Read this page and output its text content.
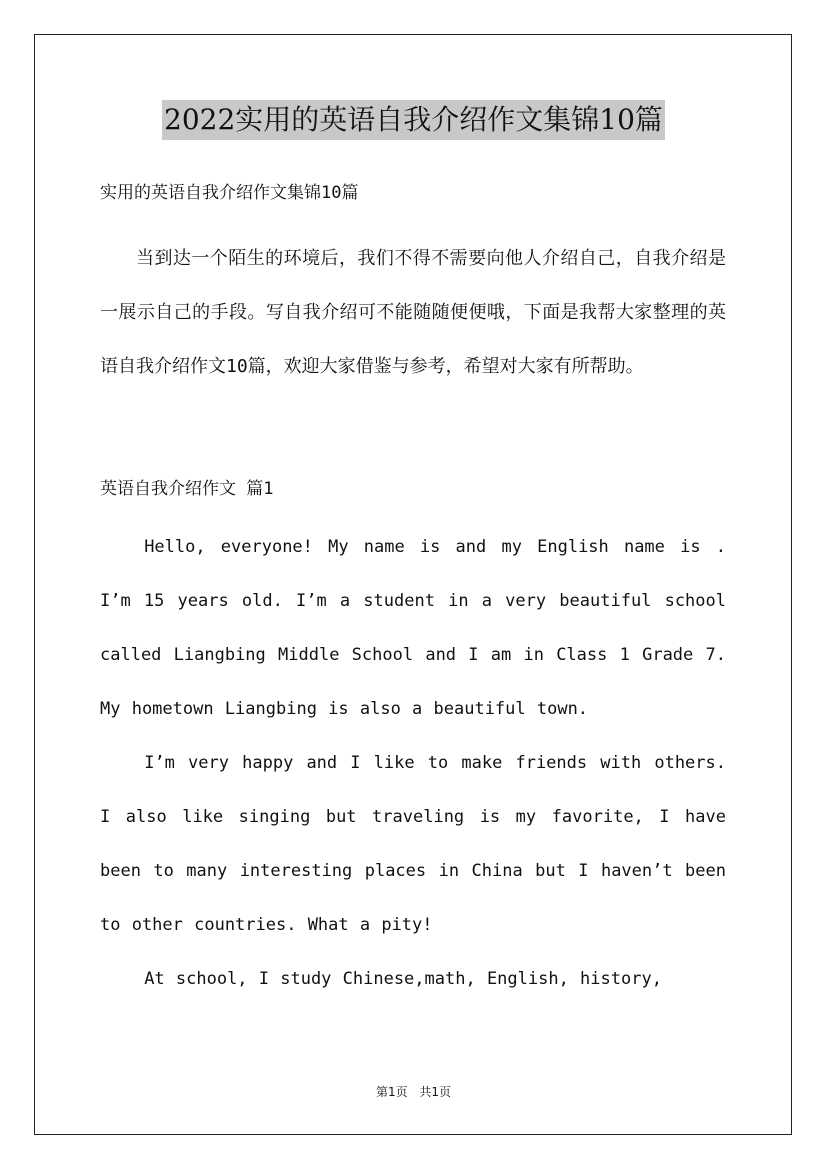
2022实用的英语自我介绍作文集锦10篇

实用的英语自我介绍作文集锦10篇

当到达一个陌生的环境后，我们不得不需要向他人介绍自己，自我介绍是一展示自己的手段。写自我介绍可不能随随便便哦，下面是我帮大家整理的英语自我介绍作文10篇，欢迎大家借鉴与参考，希望对大家有所帮助。

英语自我介绍作文 篇1

Hello, everyone! My name is and my English name is . I’m 15 years old. I’m a student in a very beautiful school called Liangbing Middle School and I am in Class 1 Grade 7. My hometown Liangbing is also a beautiful town.

I’m very happy and I like to make friends with others. I also like singing but traveling is my favorite, I have been to many interesting places in China but I haven’t been to other countries. What a pity!

At school, I study Chinese,math, English, history,

第1页 共1页
